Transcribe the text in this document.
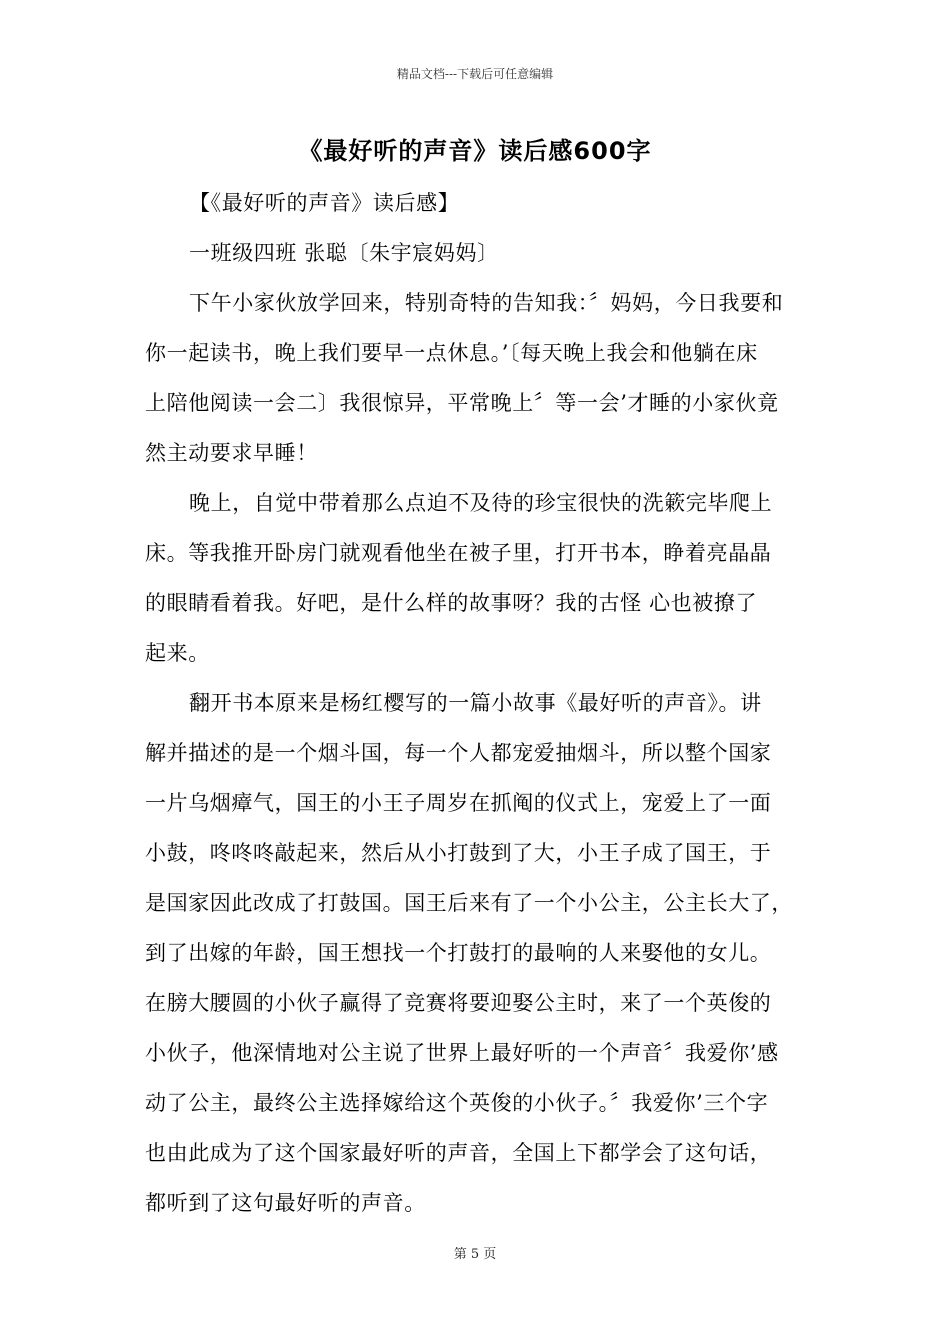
精品文档---下载后可任意编辑
《最好听的声音》读后感600字
【《最好听的声音》读后感】
一班级四班 张聪〔朱宇宸妈妈〕
下午小家伙放学回来，特别奇特的告知我：〞妈妈，今日我要和
你一起读书，晚上我们要早一点休息。’〔每天晚上我会和他躺在床
上陪他阅读一会二〕我很惊异，平常晚上〞等一会’才睡的小家伙竟
然主动要求早睡！
晚上，自觉中带着那么点迫不及待的珍宝很快的洗簌完毕爬上
床。等我推开卧房门就观看他坐在被子里，打开书本，睁着亮晶晶
的眼睛看着我。好吧，是什么样的故事呀？我的古怪 心也被撩了
起来。
翻开书本原来是杨红樱写的一篇小故事《最好听的声音》。讲
解并描述的是一个烟斗国，每一个人都宠爱抽烟斗，所以整个国家
一片乌烟瘴气，国王的小王子周岁在抓阄的仪式上，宠爱上了一面
小鼓，咚咚咚敲起来，然后从小打鼓到了大，小王子成了国王，于
是国家因此改成了打鼓国。国王后来有了一个小公主，公主长大了，
到了出嫁的年龄，国王想找一个打鼓打的最响的人来娶他的女儿。
在膀大腰圆的小伙子赢得了竞赛将要迎娶公主时，来了一个英俊的
小伙子，他深情地对公主说了世界上最好听的一个声音〞我爱你’感
动了公主，最终公主选择嫁给这个英俊的小伙子。〞我爱你’三个字
也由此成为了这个国家最好听的声音，全国上下都学会了这句话，
都听到了这句最好听的声音。
第 5 页
